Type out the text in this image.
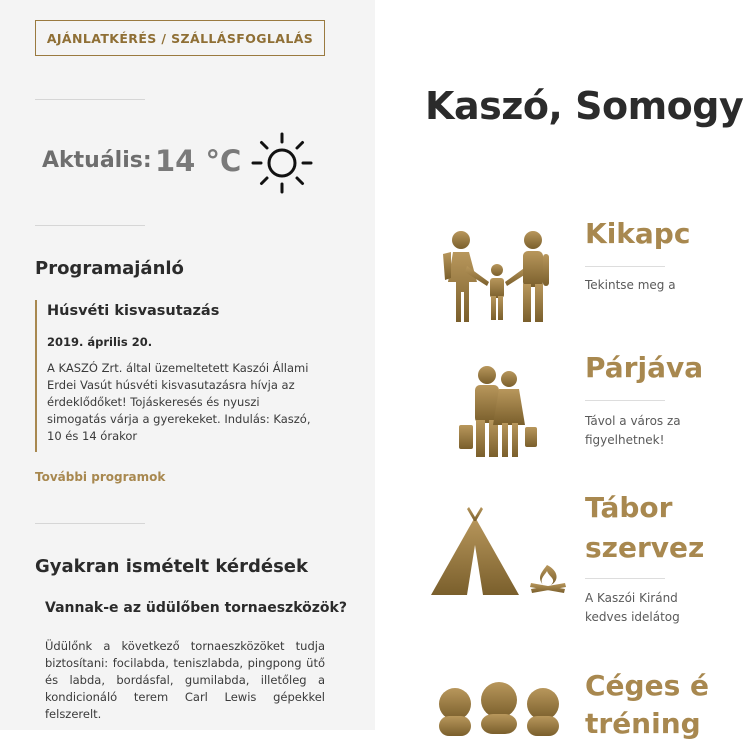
AJÁNLATKÉRÉS / SZÁLLÁSFOGLALÁS
Aktuális: 14 °C
Programajánló
Húsvéti kisvasutazás
2019. április 20.
A KASZÓ Zrt. által üzemeltetett Kaszói Állami Erdei Vasút húsvéti kisvasutazásra hívja az érdeklődőket! Tojáskeresés és nyuszi simogatás várja a gyerekeket. Indulás: Kaszó, 10 és 14 órakor
További programok
Gyakran ismételt kérdések
Vannak-e az üdülőben tornaeszközök?
Üdülőnk a következő tornaeszközöket tudja biztosítani: focilabda, teniszlabda, pingpong ütő és labda, bordásfal, gumilabda, illetőleg a kondicionáló terem Carl Lewis gépekkel felszerelt.
Kaszó, Somogy
Kikapc
Tekintse meg a
Párjáva
Távol a város za
figyelhetnek!
Tábor
szervez
A Kaszói Kiránd
kedves idelátog
Céges é
tréning
